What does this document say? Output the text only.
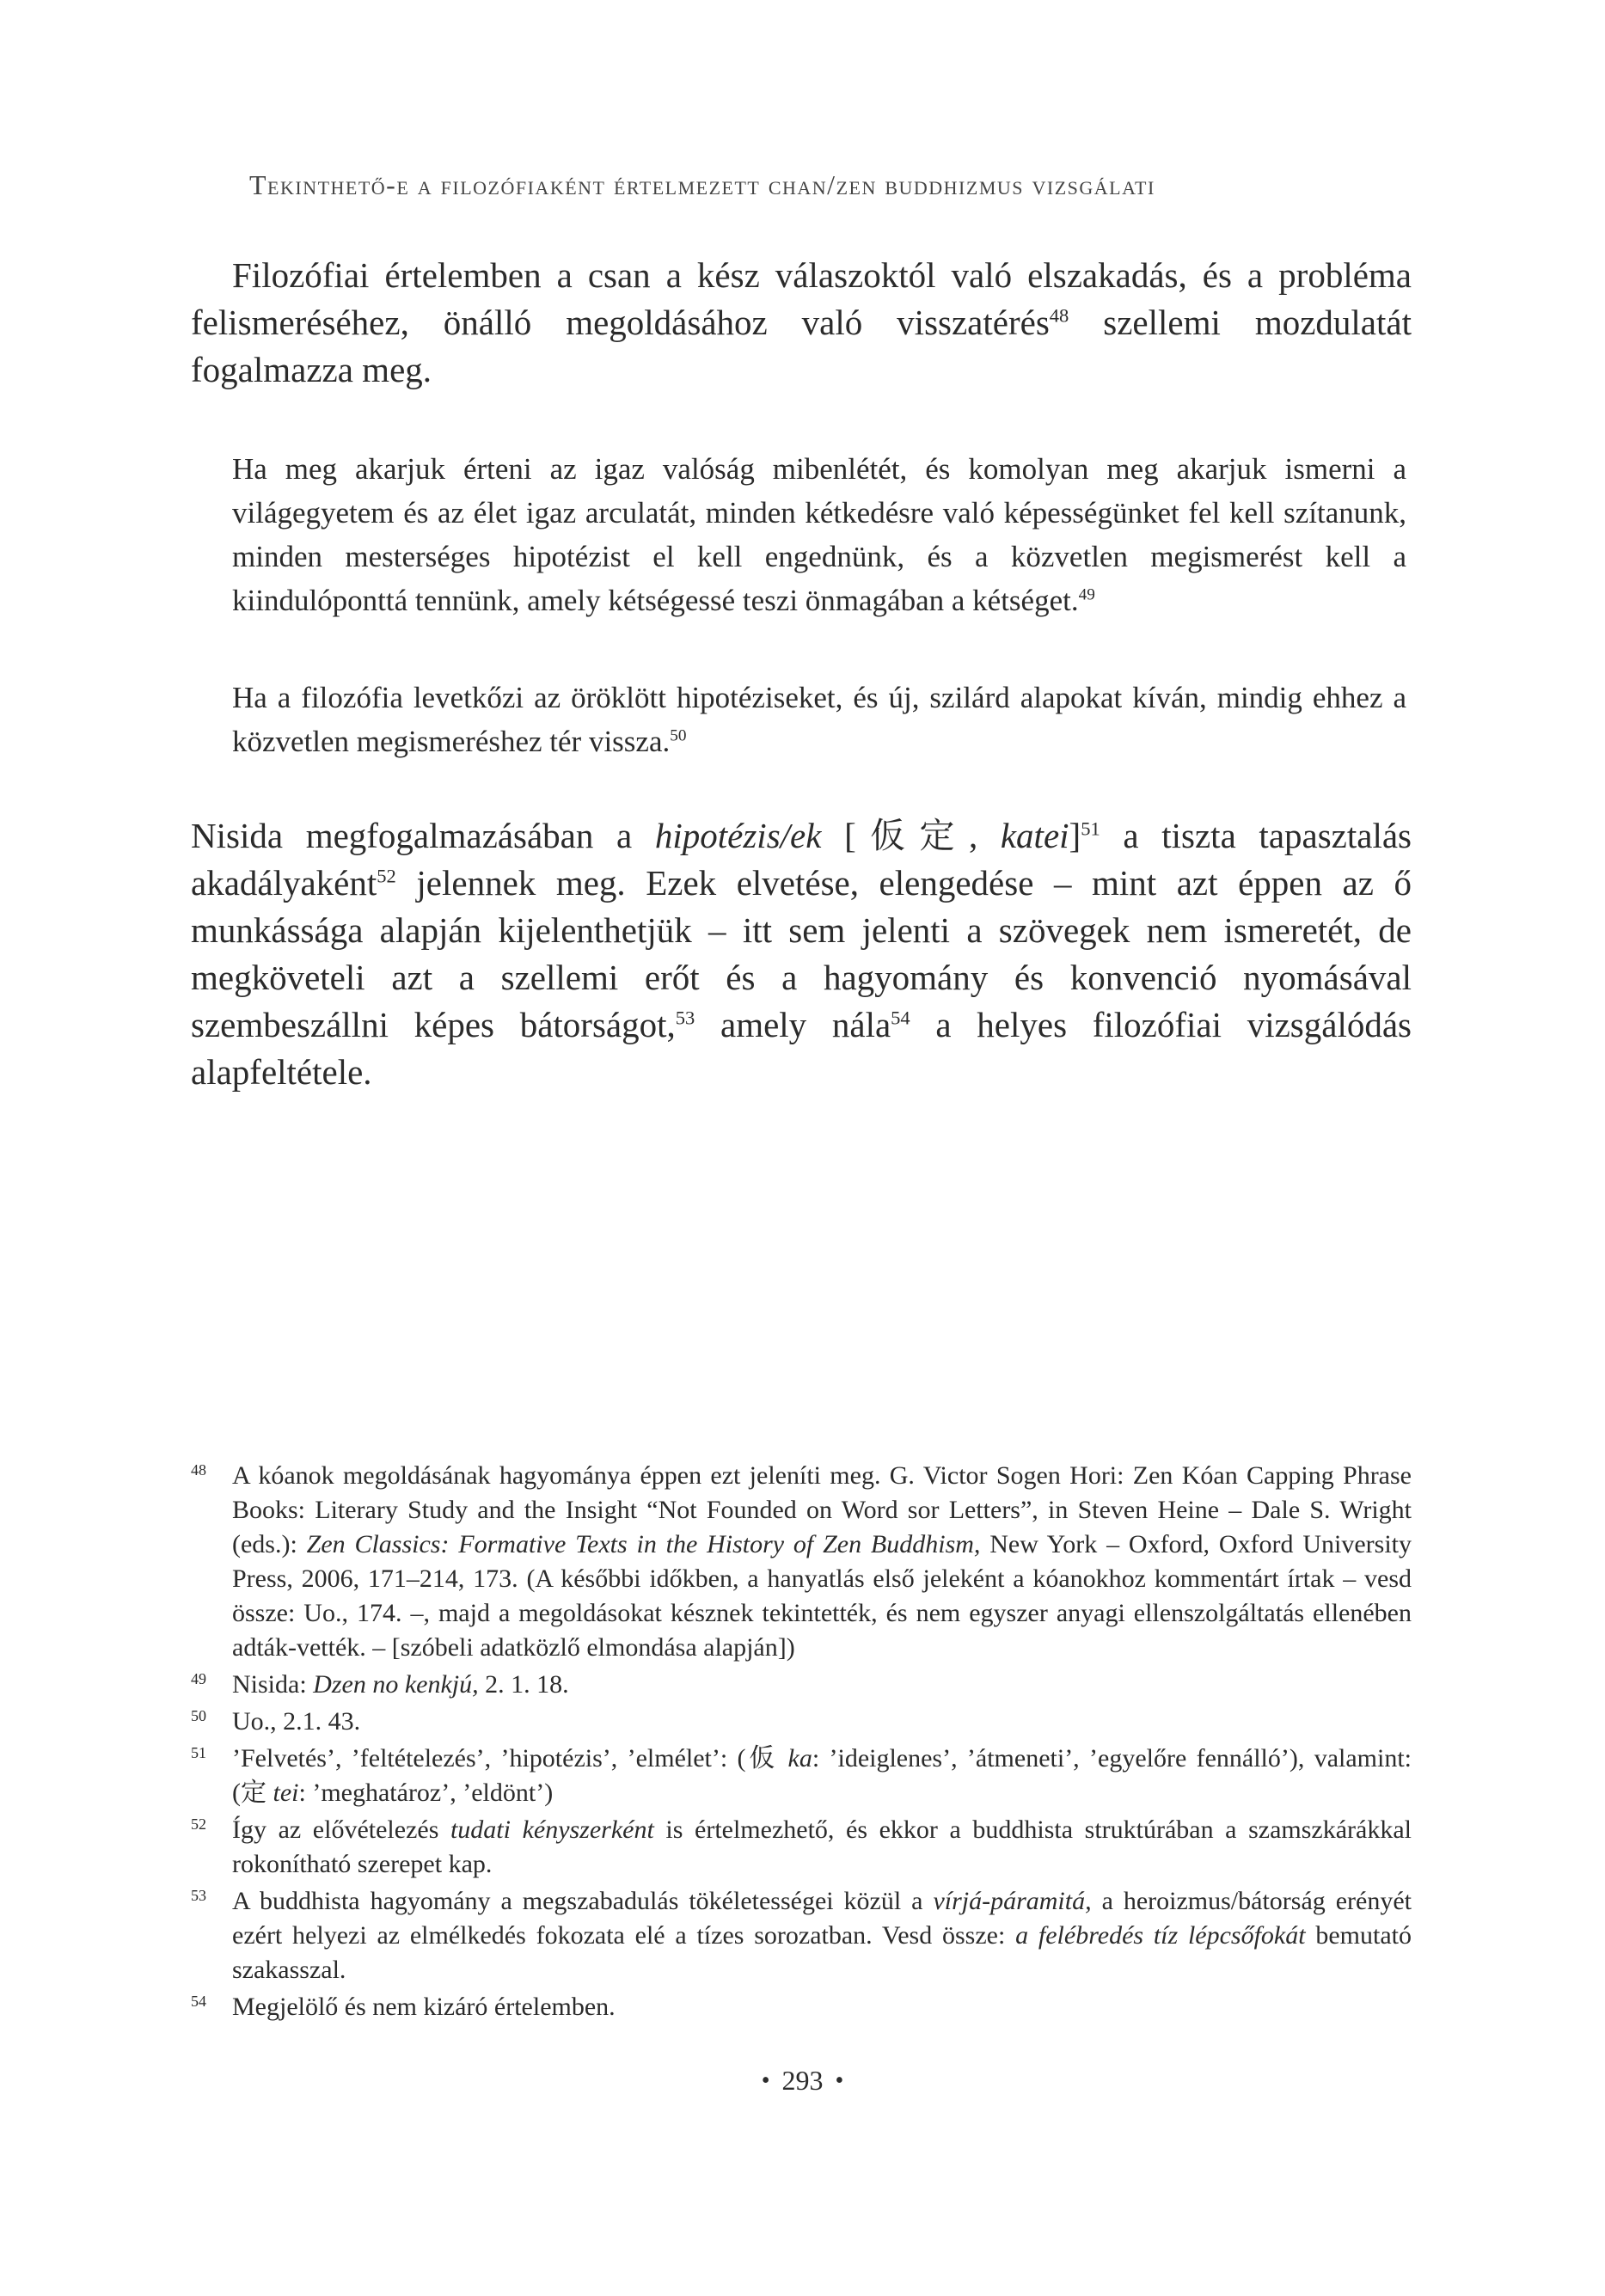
Tekinthető-e a filozófiaként értelmezett chan/zen buddhizmus vizsgálati

Filozófiai értelemben a csan a kész válaszoktól való elszakadás, és a probléma felismeréséhez, önálló megoldásához való visszatérés$^{48}$ szellemi mozdulatát fogalmazza meg.

Ha meg akarjuk érteni az igaz valóság mibenlétét, és komolyan meg akarjuk ismerni a világegyetem és az élet igaz arculatát, minden kétkedésre való képességünket fel kell szítanunk, minden mesterséges hipotézist el kell engednünk, és a közvetlen megismerést kell a kiindulóponttá tennünk, amely kétségessé teszi önmagában a kétséget.$^{49}$

Ha a filozófia levetkőzi az öröklött hipotéziseket, és új, szilárd alapokat kíván, mindig ehhez a közvetlen megismeréshez tér vissza.$^{50}$

Nisida megfogalmazásában a hipotézis/ek [仮定, katei]$^{51}$ a tiszta tapasztalás akadályaként$^{52}$ jelennek meg. Ezek elvetése, elengedése – mint azt éppen az ő munkássága alapján kijelenthetjük – itt sem jelenti a szövegek nem ismeretét, de megköveteli azt a szellemi erőt és a hagyomány és konvenció nyomásával szembeszállni képes bátorságot,$^{53}$ amely nála$^{54}$ a helyes filozófiai vizsgálódás alapfeltétele.

48 A kóanok megoldásának hagyománya éppen ezt jeleníti meg. G. Victor Sogen Hori: Zen Kóan Capping Phrase Books: Literary Study and the Insight “Not Founded on Word sor Letters”, in Steven Heine – Dale S. Wright (eds.): Zen Classics: Formative Texts in the History of Zen Buddhism, New York – Oxford, Oxford University Press, 2006, 171–214, 173. (A későbbi időkben, a hanyatlás első jeleként a kóanokhoz kommentárt írtak – vesd össze: Uo., 174. –, majd a megoldásokat késznek tekintették, és nem egyszer anyagi ellenszolgáltatás ellenében adták-vették. – [szóbeli adatközlő elmondása alapján])

49 Nisida: Dzen no kenkjú, 2. 1. 18.

50 Uo., 2.1. 43.

51 ’Felvetés’, ’feltételezés’, ’hipotézis’, ’elmélet’: (仮 ka: ’ideiglenes’, ’átmeneti’, ’egyelőre fennálló’), valamint: (定 tei: ’meghatároz’, ’eldönt’)

52 Így az elővételezés tudati kényszerként is értelmezhető, és ekkor a buddhista struktúrában a szamszkárákkal rokonítható szerepet kap.

53 A buddhista hagyomány a megszabadulás tökéletességei közül a vírjá-páramitá, a heroizmus/bátorság erényét ezért helyezi az elmélkedés fokozata elé a tízes sorozatban. Vesd össze: a felébredés tíz lépcsőfokát bemutató szakasszal.

54 Megjelölő és nem kizáró értelemben.

• 293 •
